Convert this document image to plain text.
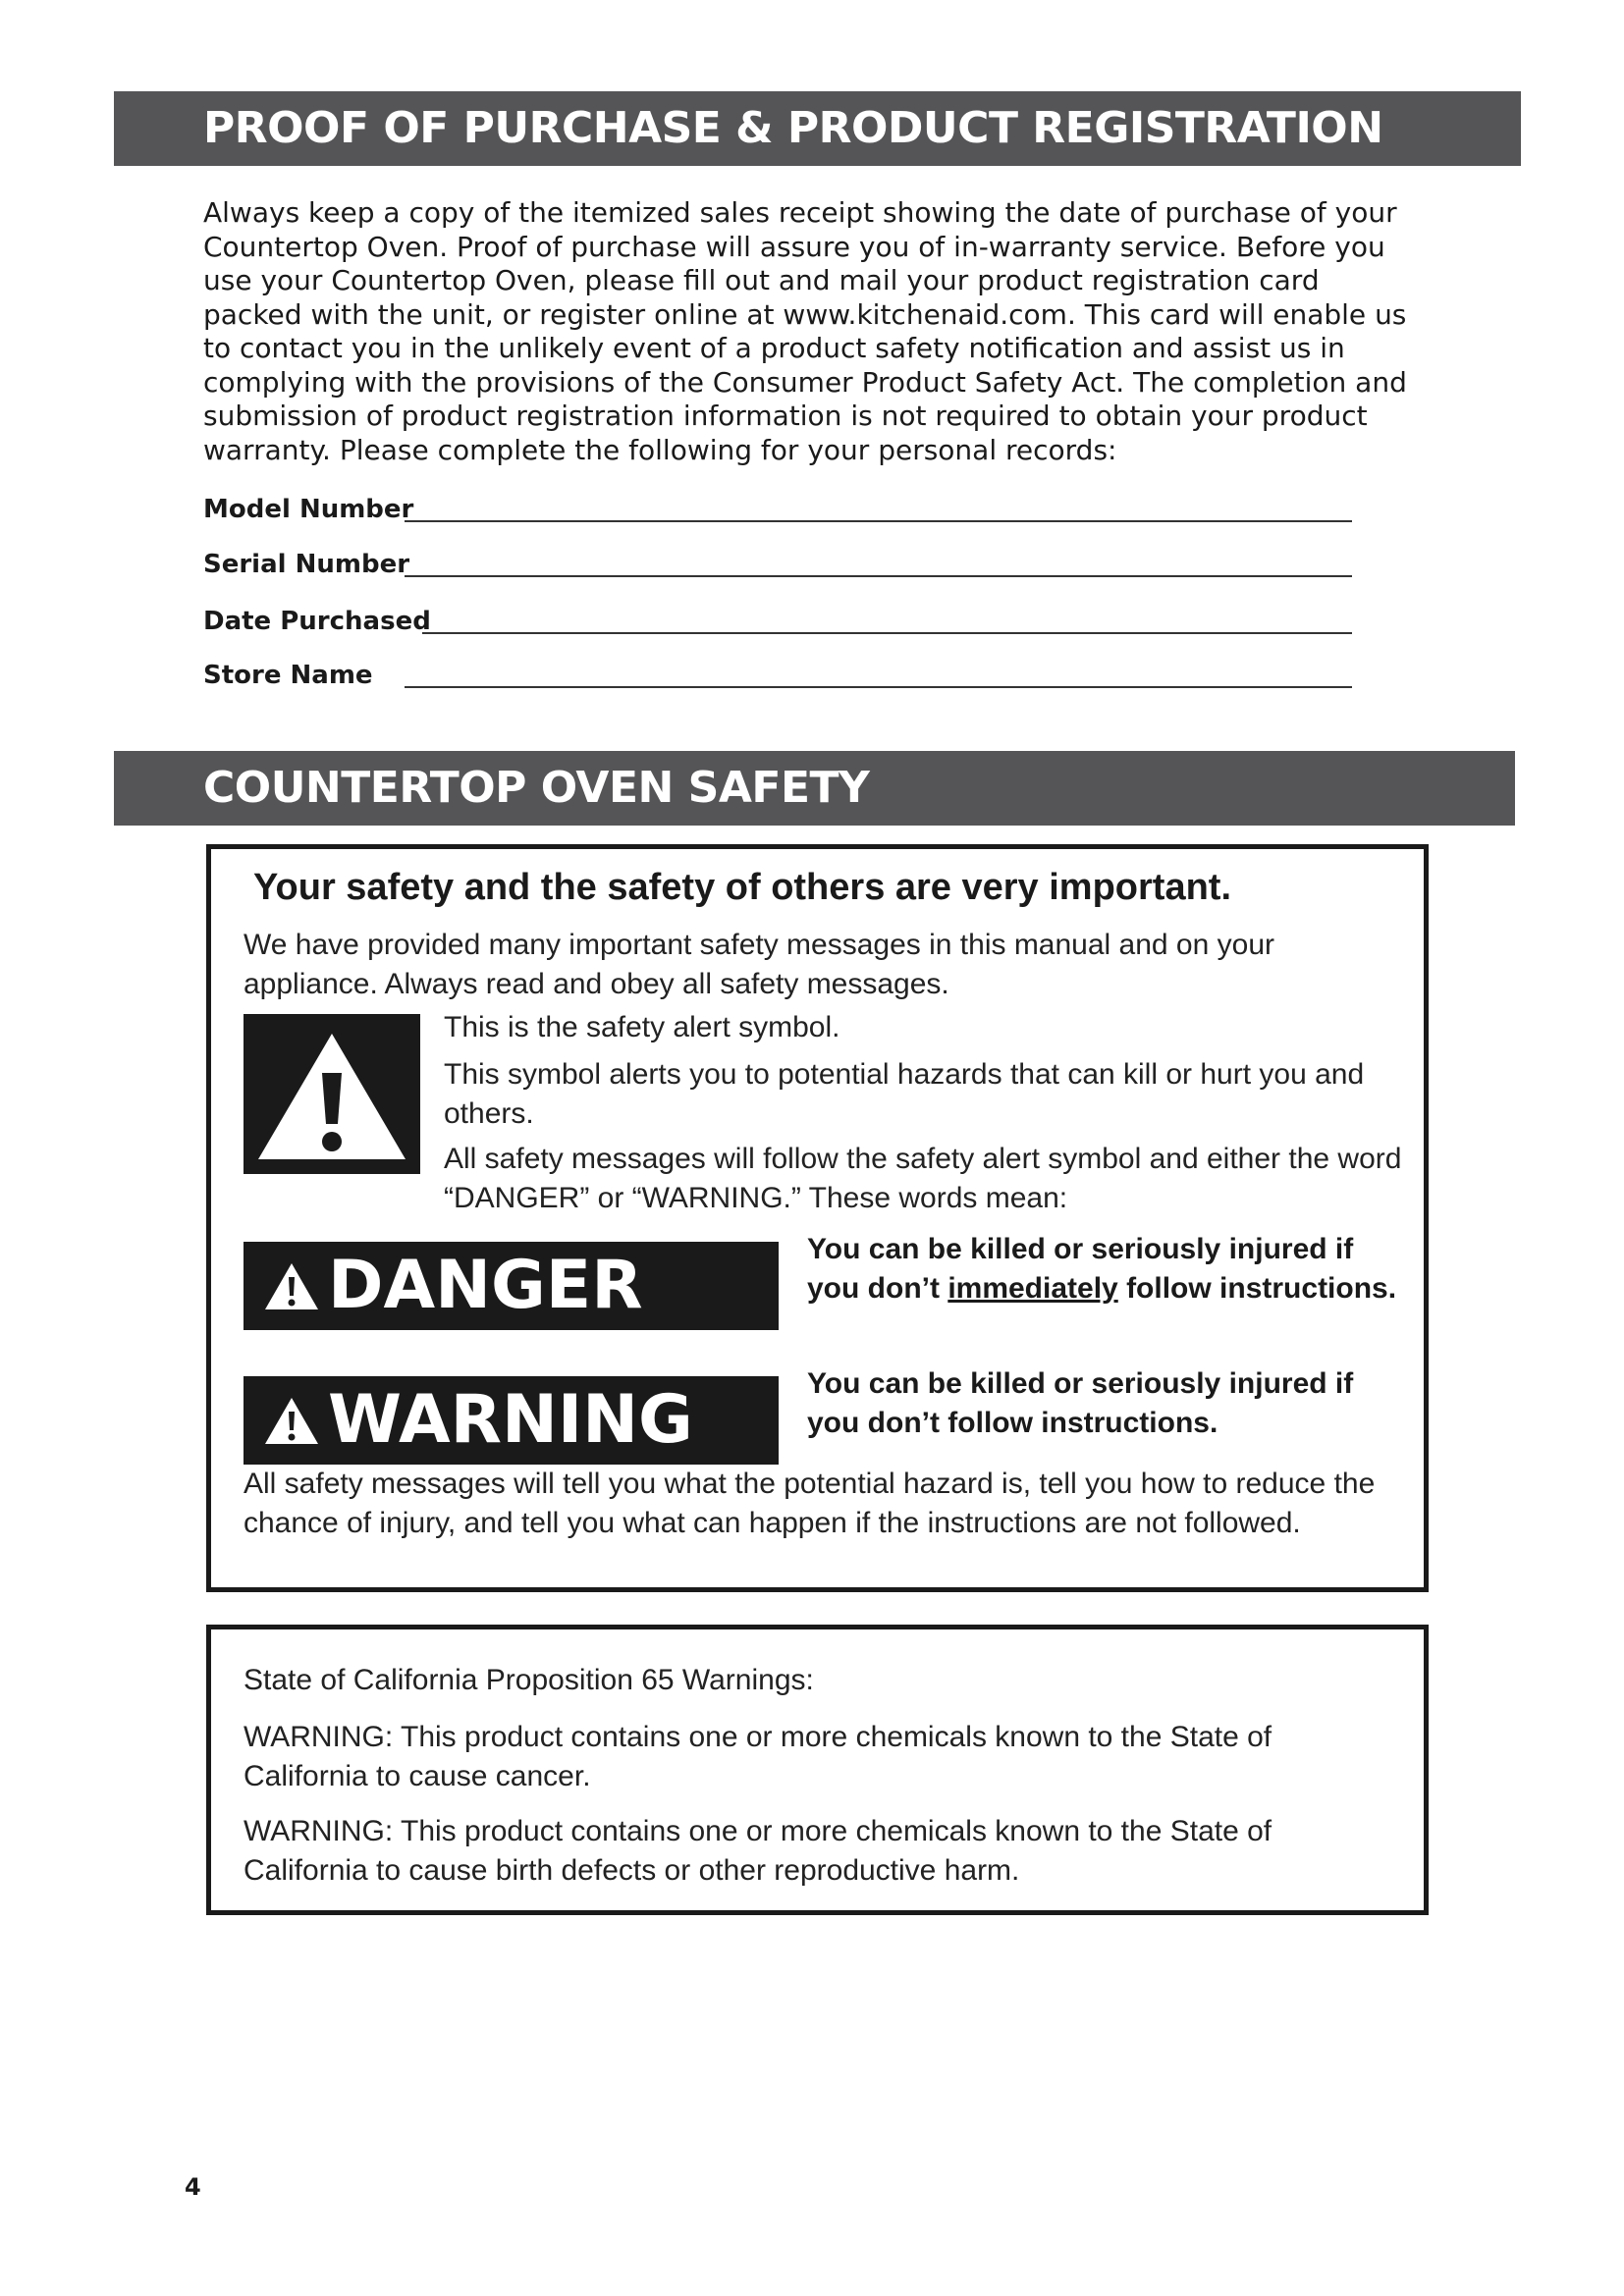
PROOF OF PURCHASE & PRODUCT REGISTRATION

Always keep a copy of the itemized sales receipt showing the date of purchase of your Countertop Oven. Proof of purchase will assure you of in-warranty service. Before you use your Countertop Oven, please fill out and mail your product registration card packed with the unit, or register online at www.kitchenaid.com. This card will enable us to contact you in the unlikely event of a product safety notification and assist us in complying with the provisions of the Consumer Product Safety Act. The completion and submission of product registration information is not required to obtain your product warranty. Please complete the following for your personal records:

Model Number
Serial Number
Date Purchased
Store Name
COUNTERTOP OVEN SAFETY

Your safety and the safety of others are very important.

We have provided many important safety messages in this manual and on your appliance. Always read and obey all safety messages.

This is the safety alert symbol.

This symbol alerts you to potential hazards that can kill or hurt you and others.

All safety messages will follow the safety alert symbol and either the word “DANGER” or “WARNING.” These words mean:

DANGER	You can be killed or seriously injured if you don’t immediately follow instructions.

WARNING	You can be killed or seriously injured if you don’t follow instructions.

All safety messages will tell you what the potential hazard is, tell you how to reduce the chance of injury, and tell you what can happen if the instructions are not followed.

State of California Proposition 65 Warnings:

WARNING: This product contains one or more chemicals known to the State of California to cause cancer.

WARNING: This product contains one or more chemicals known to the State of California to cause birth defects or other reproductive harm.

4
